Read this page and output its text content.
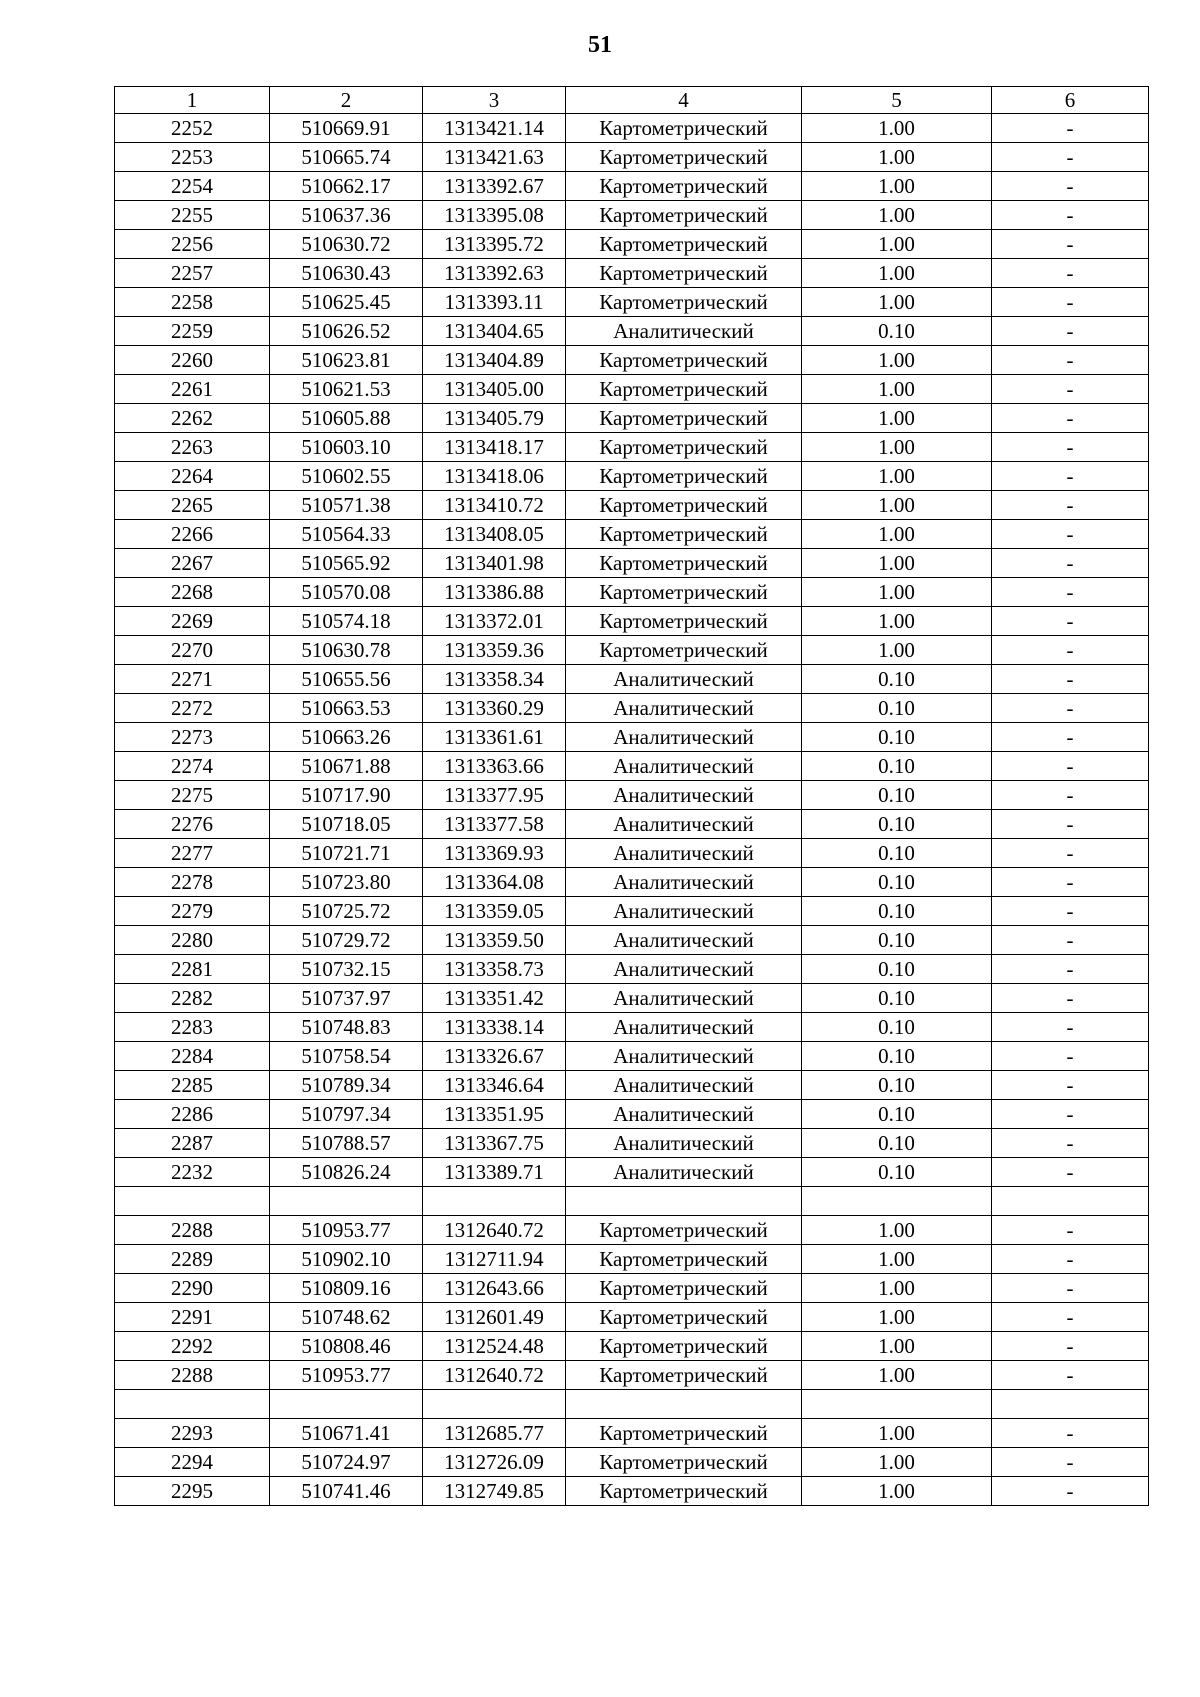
51
1	2	3	4	5	6
2252	510669.91	1313421.14	Картометрический	1.00	-
2253	510665.74	1313421.63	Картометрический	1.00	-
2254	510662.17	1313392.67	Картометрический	1.00	-
2255	510637.36	1313395.08	Картометрический	1.00	-
2256	510630.72	1313395.72	Картометрический	1.00	-
2257	510630.43	1313392.63	Картометрический	1.00	-
2258	510625.45	1313393.11	Картометрический	1.00	-
2259	510626.52	1313404.65	Аналитический	0.10	-
2260	510623.81	1313404.89	Картометрический	1.00	-
2261	510621.53	1313405.00	Картометрический	1.00	-
2262	510605.88	1313405.79	Картометрический	1.00	-
2263	510603.10	1313418.17	Картометрический	1.00	-
2264	510602.55	1313418.06	Картометрический	1.00	-
2265	510571.38	1313410.72	Картометрический	1.00	-
2266	510564.33	1313408.05	Картометрический	1.00	-
2267	510565.92	1313401.98	Картометрический	1.00	-
2268	510570.08	1313386.88	Картометрический	1.00	-
2269	510574.18	1313372.01	Картометрический	1.00	-
2270	510630.78	1313359.36	Картометрический	1.00	-
2271	510655.56	1313358.34	Аналитический	0.10	-
2272	510663.53	1313360.29	Аналитический	0.10	-
2273	510663.26	1313361.61	Аналитический	0.10	-
2274	510671.88	1313363.66	Аналитический	0.10	-
2275	510717.90	1313377.95	Аналитический	0.10	-
2276	510718.05	1313377.58	Аналитический	0.10	-
2277	510721.71	1313369.93	Аналитический	0.10	-
2278	510723.80	1313364.08	Аналитический	0.10	-
2279	510725.72	1313359.05	Аналитический	0.10	-
2280	510729.72	1313359.50	Аналитический	0.10	-
2281	510732.15	1313358.73	Аналитический	0.10	-
2282	510737.97	1313351.42	Аналитический	0.10	-
2283	510748.83	1313338.14	Аналитический	0.10	-
2284	510758.54	1313326.67	Аналитический	0.10	-
2285	510789.34	1313346.64	Аналитический	0.10	-
2286	510797.34	1313351.95	Аналитический	0.10	-
2287	510788.57	1313367.75	Аналитический	0.10	-
2232	510826.24	1313389.71	Аналитический	0.10	-

2288	510953.77	1312640.72	Картометрический	1.00	-
2289	510902.10	1312711.94	Картометрический	1.00	-
2290	510809.16	1312643.66	Картометрический	1.00	-
2291	510748.62	1312601.49	Картометрический	1.00	-
2292	510808.46	1312524.48	Картометрический	1.00	-
2288	510953.77	1312640.72	Картометрический	1.00	-

2293	510671.41	1312685.77	Картометрический	1.00	-
2294	510724.97	1312726.09	Картометрический	1.00	-
2295	510741.46	1312749.85	Картометрический	1.00	-
